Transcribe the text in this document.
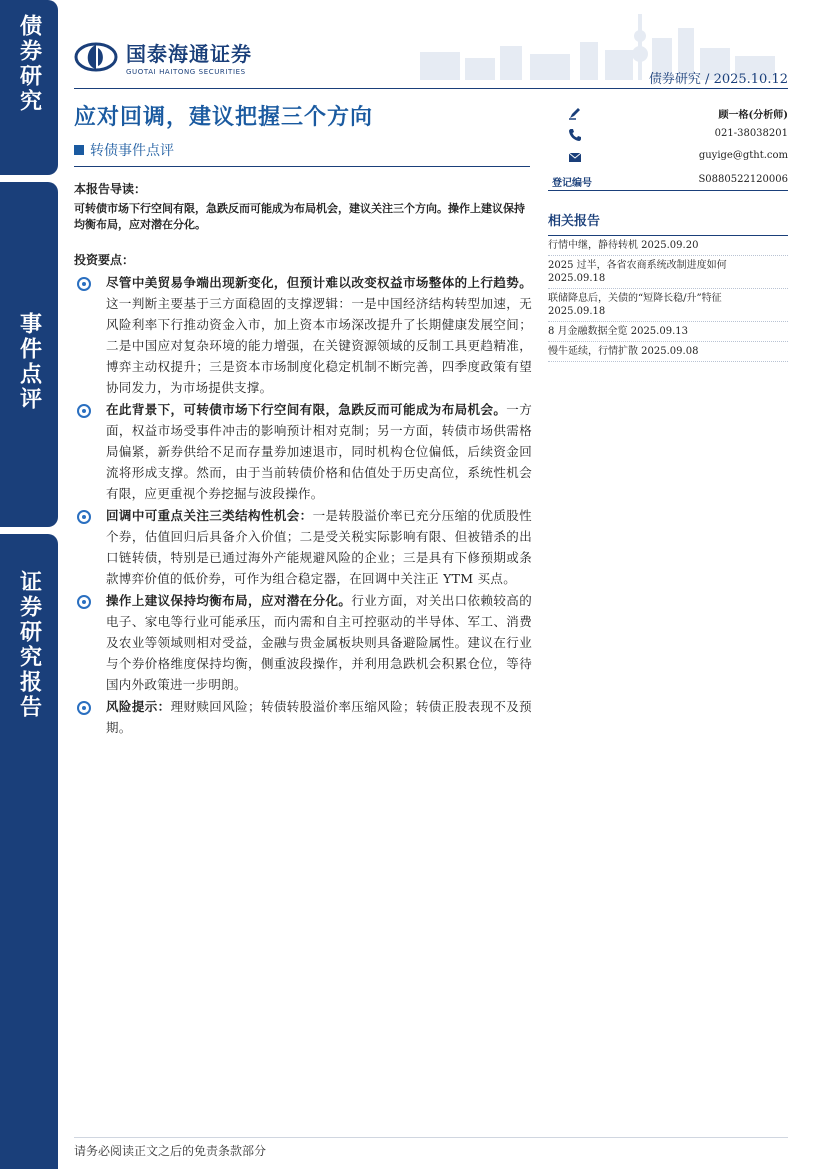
债券研究
事件点评
证券研究报告
国泰海通证券
GUOTAI HAITONG SECURITIES	债券研究 / 2025.10.12
应对回调，建议把握三个方向
转债事件点评
顾一格(分析师)
021-38038201
guyige@gtht.com
登记编号	S0880522120006
相关报告
行情中继，静待转机 2025.09.20
2025 过半，各省农商系统改制进度如何
2025.09.18
联储降息后，关债的“短降长稳/升”特征
2025.09.18
8 月金融数据全览 2025.09.13
慢牛延续，行情扩散 2025.09.08
本报告导读：
可转债市场下行空间有限，急跌反而可能成为布局机会，建议关注三个方向。操作上建议保持均衡布局，应对潜在分化。
投资要点：
尽管中美贸易争端出现新变化，但预计难以改变权益市场整体的上行趋势。这一判断主要基于三方面稳固的支撑逻辑：一是中国经济结构转型加速，无风险利率下行推动资金入市，加上资本市场深改提升了长期健康发展空间；二是中国应对复杂环境的能力增强，在关键资源领域的反制工具更趋精准，博弈主动权提升；三是资本市场制度化稳定机制不断完善，四季度政策有望协同发力，为市场提供支撑。
在此背景下，可转债市场下行空间有限，急跌反而可能成为布局机会。一方面，权益市场受事件冲击的影响预计相对克制；另一方面，转债市场供需格局偏紧，新券供给不足而存量券加速退市，同时机构仓位偏低，后续资金回流将形成支撑。然而，由于当前转债价格和估值处于历史高位，系统性机会有限，应更重视个券挖掘与波段操作。
回调中可重点关注三类结构性机会：一是转股溢价率已充分压缩的优质股性个券，估值回归后具备介入价值；二是受关税实际影响有限、但被错杀的出口链转债，特别是已通过海外产能规避风险的企业；三是具有下修预期或条款博弈价值的低价券，可作为组合稳定器，在回调中关注正 YTM 买点。
操作上建议保持均衡布局，应对潜在分化。行业方面，对关出口依赖较高的电子、家电等行业可能承压，而内需和自主可控驱动的半导体、军工、消费及农业等领域则相对受益，金融与贵金属板块则具备避险属性。建议在行业与个券价格维度保持均衡，侧重波段操作，并利用急跌机会积累仓位，等待国内外政策进一步明朗。
风险提示：理财赎回风险；转债转股溢价率压缩风险；转债正股表现不及预期。
请务必阅读正文之后的免责条款部分
